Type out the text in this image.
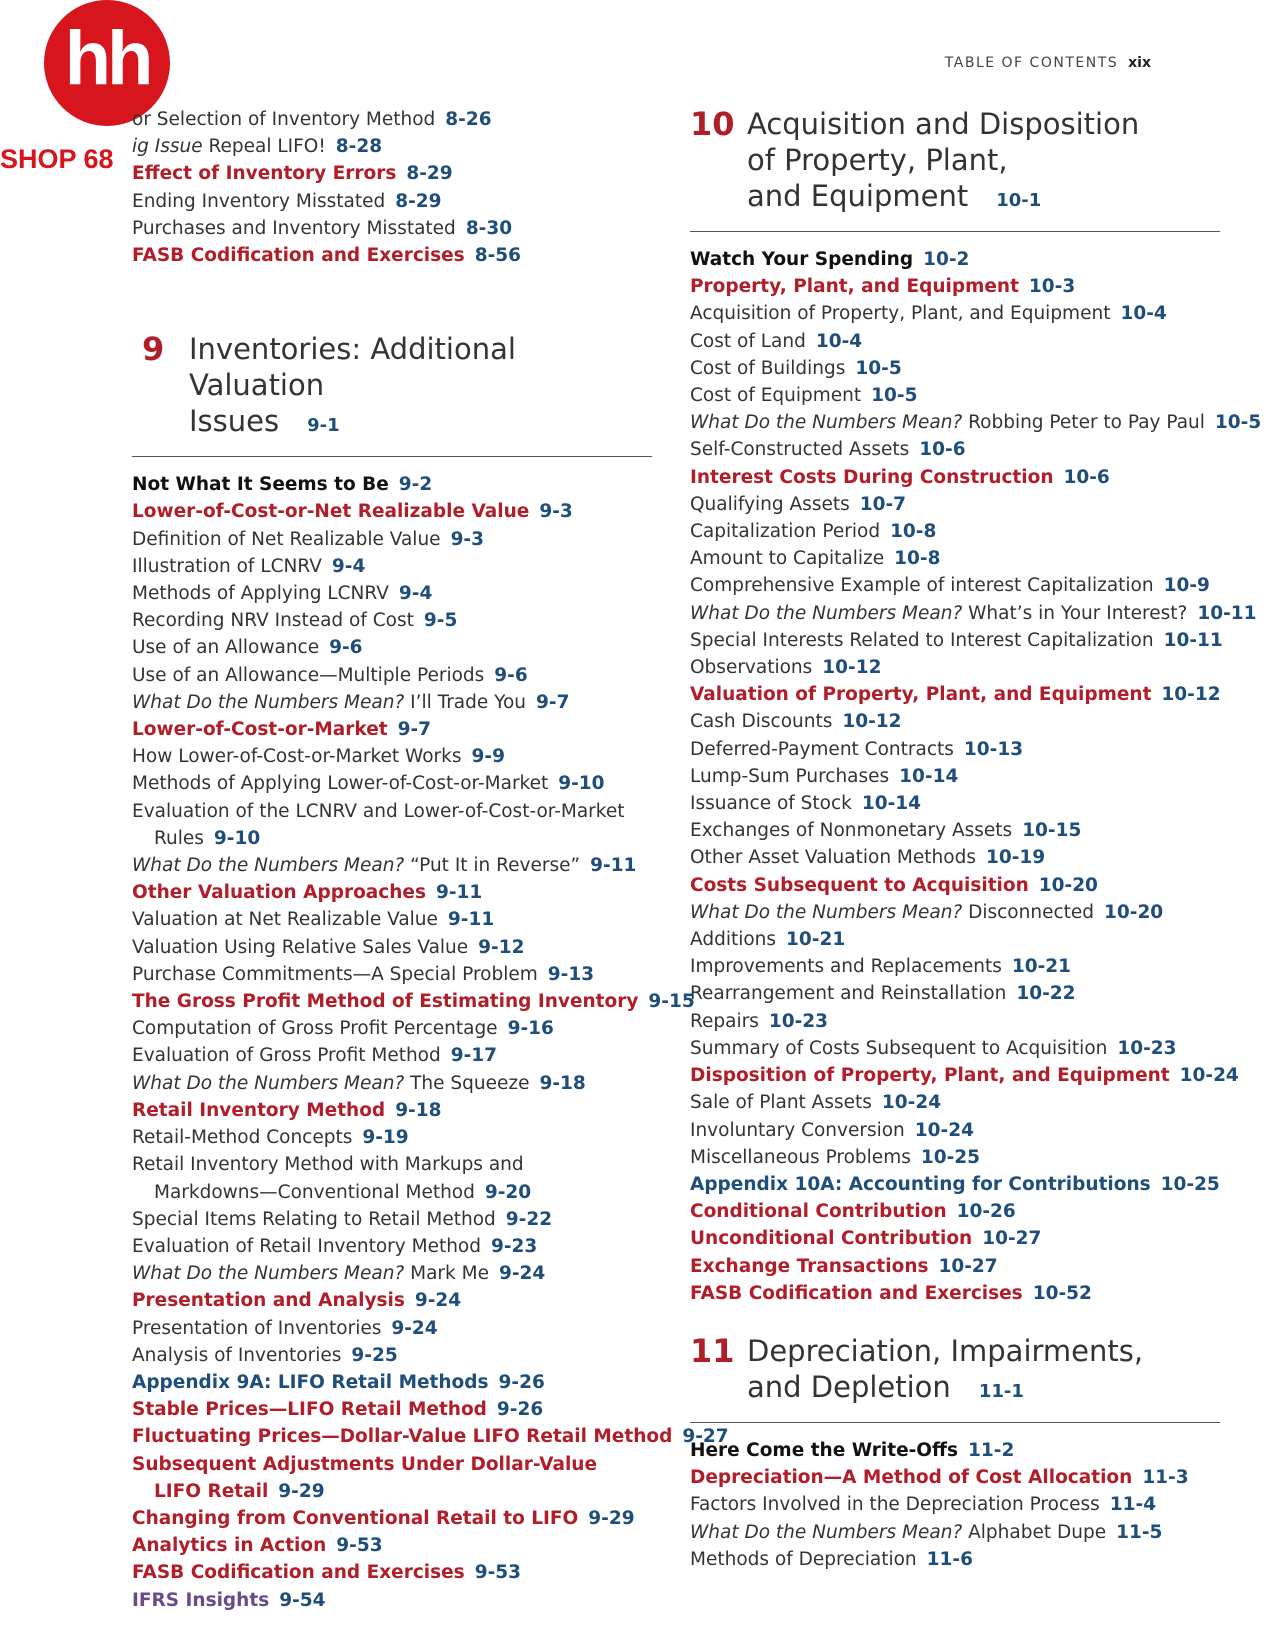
hh
SHOP 68
TABLE OF CONTENTS xix
or Selection of Inventory Method 8-26
ig Issue Repeal LIFO! 8-28
Effect of Inventory Errors 8-29
Ending Inventory Misstated 8-29
Purchases and Inventory Misstated 8-30
FASB Codification and Exercises 8-56
9 Inventories: Additional Valuation
Issues 9-1
Not What It Seems to Be 9-2
Lower-of-Cost-or-Net Realizable Value 9-3
Definition of Net Realizable Value 9-3
Illustration of LCNRV 9-4
Methods of Applying LCNRV 9-4
Recording NRV Instead of Cost 9-5
Use of an Allowance 9-6
Use of an Allowance—Multiple Periods 9-6
What Do the Numbers Mean? I’ll Trade You 9-7
Lower-of-Cost-or-Market 9-7
How Lower-of-Cost-or-Market Works 9-9
Methods of Applying Lower-of-Cost-or-Market 9-10
Evaluation of the LCNRV and Lower-of-Cost-or-Market
Rules 9-10
What Do the Numbers Mean? “Put It in Reverse” 9-11
Other Valuation Approaches 9-11
Valuation at Net Realizable Value 9-11
Valuation Using Relative Sales Value 9-12
Purchase Commitments—A Special Problem 9-13
The Gross Profit Method of Estimating Inventory 9-15
Computation of Gross Profit Percentage 9-16
Evaluation of Gross Profit Method 9-17
What Do the Numbers Mean? The Squeeze 9-18
Retail Inventory Method 9-18
Retail-Method Concepts 9-19
Retail Inventory Method with Markups and
Markdowns—Conventional Method 9-20
Special Items Relating to Retail Method 9-22
Evaluation of Retail Inventory Method 9-23
What Do the Numbers Mean? Mark Me 9-24
Presentation and Analysis 9-24
Presentation of Inventories 9-24
Analysis of Inventories 9-25
Appendix 9A: LIFO Retail Methods 9-26
Stable Prices—LIFO Retail Method 9-26
Fluctuating Prices—Dollar-Value LIFO Retail Method 9-27
Subsequent Adjustments Under Dollar-Value
LIFO Retail 9-29
Changing from Conventional Retail to LIFO 9-29
Analytics in Action 9-53
FASB Codification and Exercises 9-53
IFRS Insights 9-54
10 Acquisition and Disposition
of Property, Plant,
and Equipment 10-1
Watch Your Spending 10-2
Property, Plant, and Equipment 10-3
Acquisition of Property, Plant, and Equipment 10-4
Cost of Land 10-4
Cost of Buildings 10-5
Cost of Equipment 10-5
What Do the Numbers Mean? Robbing Peter to Pay Paul 10-5
Self-Constructed Assets 10-6
Interest Costs During Construction 10-6
Qualifying Assets 10-7
Capitalization Period 10-8
Amount to Capitalize 10-8
Comprehensive Example of interest Capitalization 10-9
What Do the Numbers Mean? What’s in Your Interest? 10-11
Special Interests Related to Interest Capitalization 10-11
Observations 10-12
Valuation of Property, Plant, and Equipment 10-12
Cash Discounts 10-12
Deferred-Payment Contracts 10-13
Lump-Sum Purchases 10-14
Issuance of Stock 10-14
Exchanges of Nonmonetary Assets 10-15
Other Asset Valuation Methods 10-19
Costs Subsequent to Acquisition 10-20
What Do the Numbers Mean? Disconnected 10-20
Additions 10-21
Improvements and Replacements 10-21
Rearrangement and Reinstallation 10-22
Repairs 10-23
Summary of Costs Subsequent to Acquisition 10-23
Disposition of Property, Plant, and Equipment 10-24
Sale of Plant Assets 10-24
Involuntary Conversion 10-24
Miscellaneous Problems 10-25
Appendix 10A: Accounting for Contributions 10-25
Conditional Contribution 10-26
Unconditional Contribution 10-27
Exchange Transactions 10-27
FASB Codification and Exercises 10-52
11 Depreciation, Impairments,
and Depletion 11-1
Here Come the Write-Offs 11-2
Depreciation—A Method of Cost Allocation 11-3
Factors Involved in the Depreciation Process 11-4
What Do the Numbers Mean? Alphabet Dupe 11-5
Methods of Depreciation 11-6
